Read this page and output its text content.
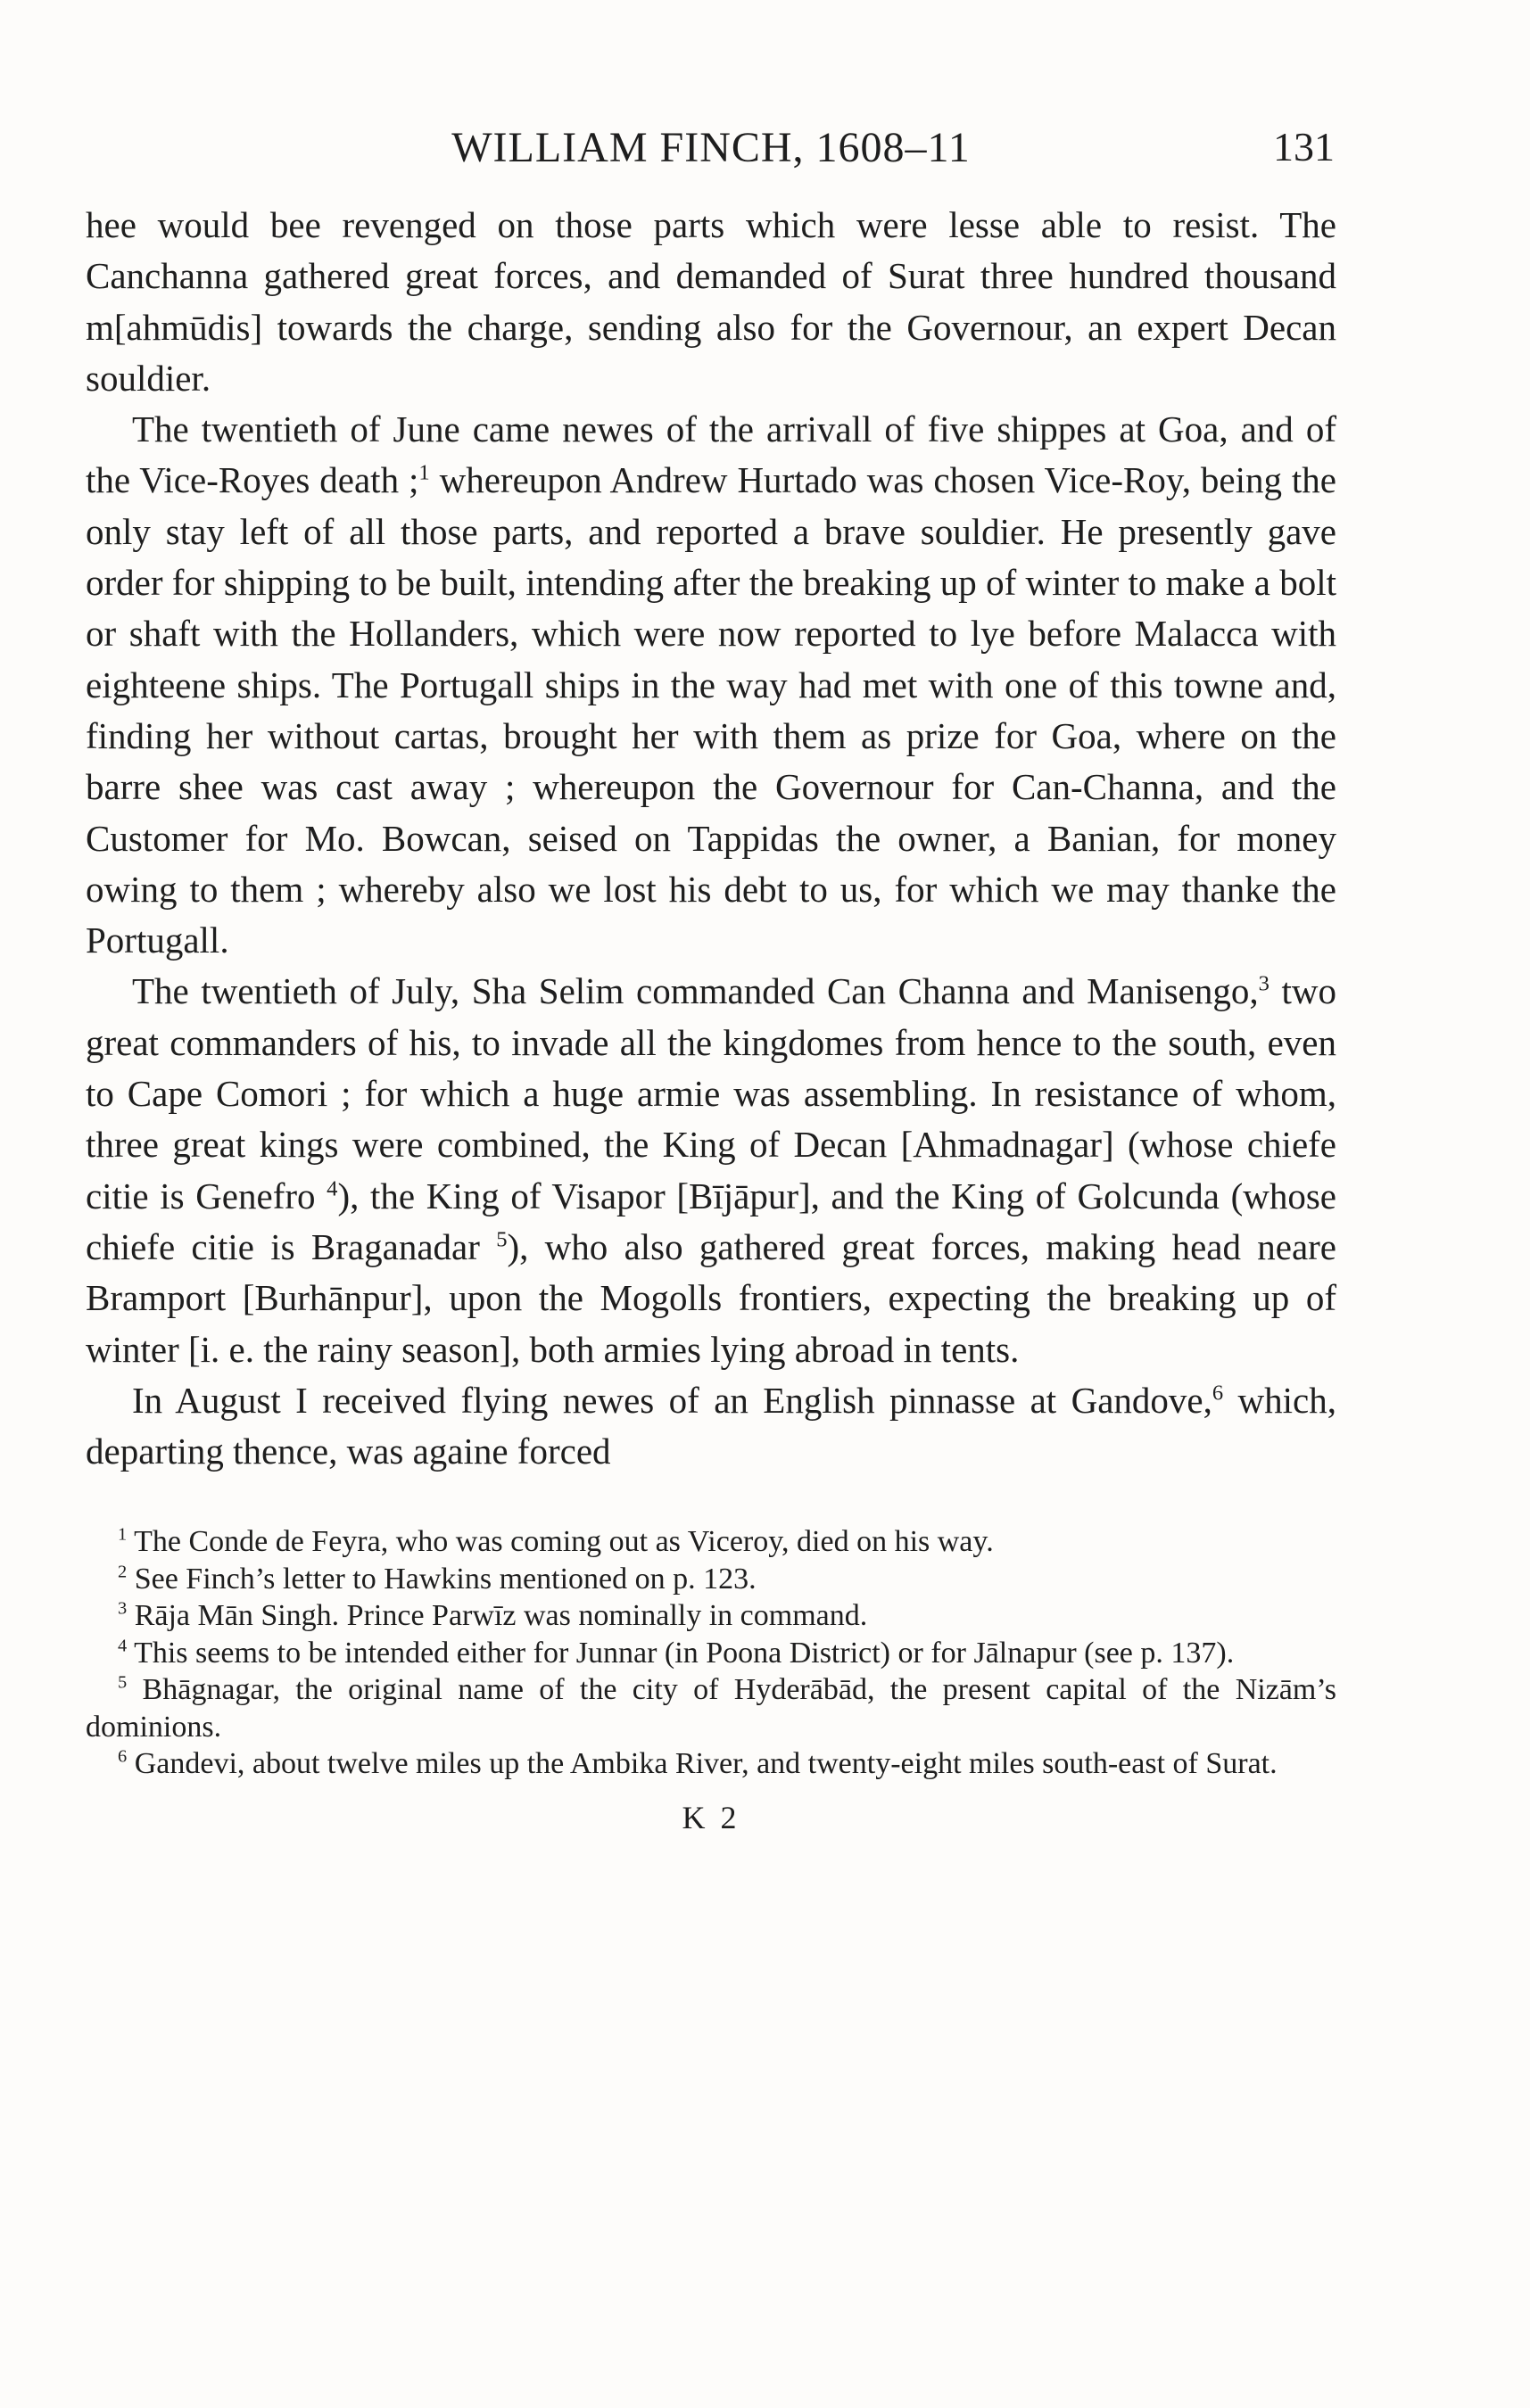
WILLIAM FINCH, 1608–11	131

hee would bee revenged on those parts which were lesse able to resist. The Canchanna gathered great forces, and demanded of Surat three hundred thousand m[ahmūdis] towards the charge, sending also for the Governour, an expert Decan souldier.

The twentieth of June came newes of the arrivall of five shippes at Goa, and of the Vice-Royes death ;$^1$ whereupon Andrew Hurtado was chosen Vice-Roy, being the only stay left of all those parts, and reported a brave souldier. He presently gave order for shipping to be built, intending after the breaking up of winter to make a bolt or shaft with the Hollanders, which were now reported to lye before Malacca with eighteene ships. The Portugall ships in the way had met with one of this towne and, finding her without cartas, brought her with them as prize for Goa, where on the barre shee was cast away ; whereupon the Governour for Can-Channa, and the Customer for Mo. Bowcan, seised on Tappidas the owner, a Banian, for money owing to them ; whereby also we lost his debt to us, for which we may thanke the Portugall.

The twentieth of July, Sha Selim commanded Can Channa and Manisengo,$^3$ two great commanders of his, to invade all the kingdomes from hence to the south, even to Cape Comori ; for which a huge armie was assembling. In resistance of whom, three great kings were combined, the King of Decan [Ahmadnagar] (whose chiefe citie is Genefro $^4$), the King of Visapor [Bījāpur], and the King of Golcunda (whose chiefe citie is Braganadar $^5$), who also gathered great forces, making head neare Bramport [Burhānpur], upon the Mogolls frontiers, expecting the breaking up of winter [i. e. the rainy season], both armies lying abroad in tents.

In August I received flying newes of an English pinnasse at Gandove,$^6$ which, departing thence, was againe forced

$^1$ The Conde de Feyra, who was coming out as Viceroy, died on his way.

$^2$ See Finch’s letter to Hawkins mentioned on p. 123.

$^3$ Rāja Mān Singh. Prince Parwīz was nominally in command.

$^4$ This seems to be intended either for Junnar (in Poona District) or for Jālnapur (see p. 137).

$^5$ Bhāgnagar, the original name of the city of Hyderābād, the present capital of the Nizām’s dominions.

$^6$ Gandevi, about twelve miles up the Ambika River, and twenty-eight miles south-east of Surat.

K 2
